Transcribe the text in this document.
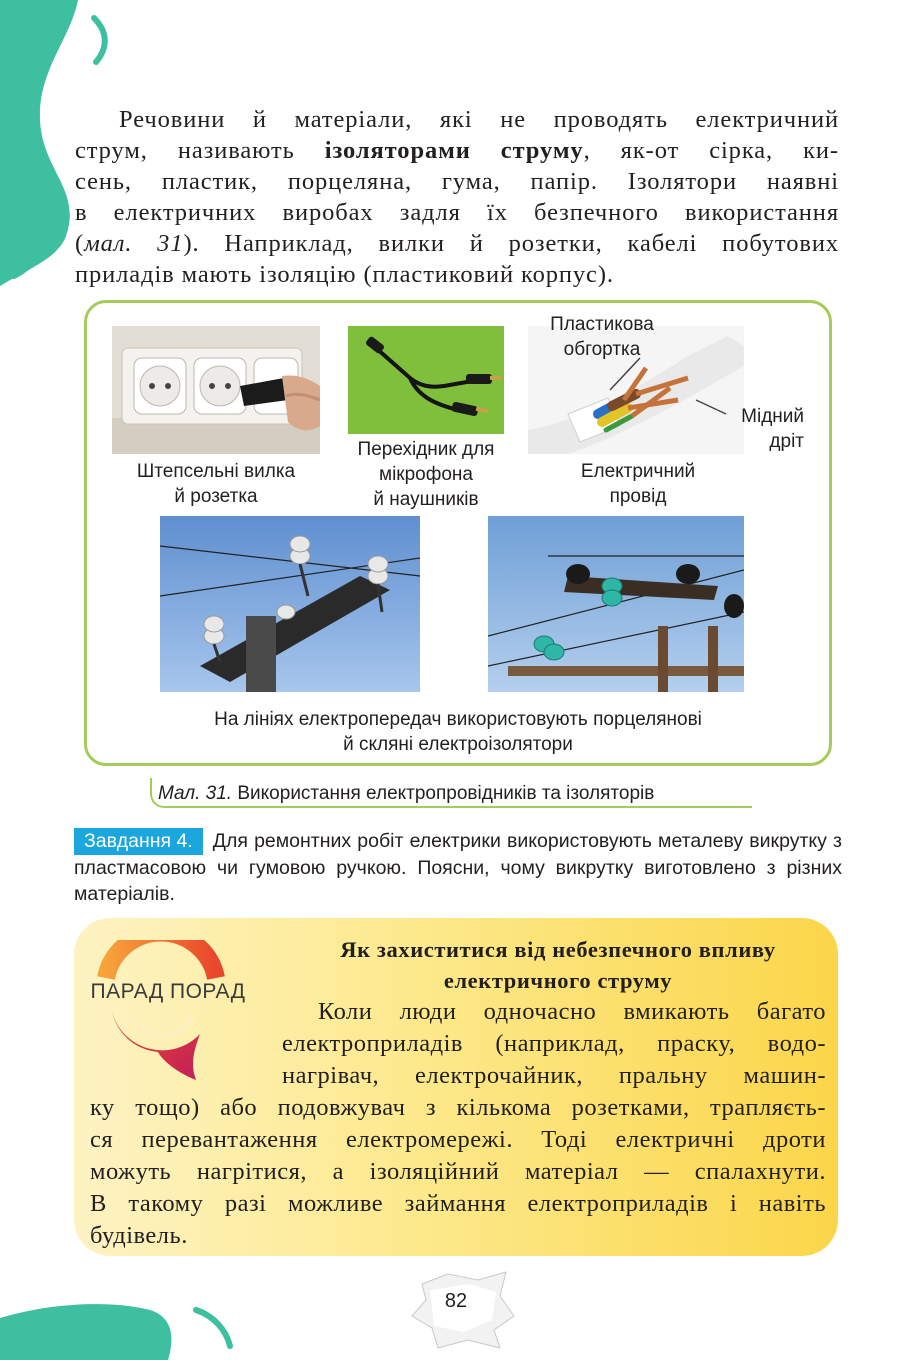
Речовини й матеріали, які не проводять електричний
струм, називають ізоляторами струму, як-от сірка, ки-
сень, пластик, порцеляна, гума, папір. Ізолятори наявні
в електричних виробах задля їх безпечного використання
(мал. 31). Наприклад, вилки й розетки, кабелі побутових
приладів мають ізоляцію (пластиковий корпус).

Пластикова
обгортка
Мідний
дріт
Штепсельні вилка
й розетка
Перехідник для
мікрофона
й наушників
Електричний
провід
На лініях електропередач використовують порцелянові
й скляні електроізолятори
Мал. 31. Використання електропровідників та ізоляторів
Завдання 4. Для ремонтних робіт електрики використовують металеву викрутку з пластмасовою чи гумовою ручкою. Поясни, чому викрутку виготовлено з різних матеріалів.
ПАРАД ПОРАД
Як захиститися від небезпечного впливу
електричного струму
Коли люди одночасно вмикають багато
електроприладів (наприклад, праску, водо-
нагрівач, електрочайник, пральну машин-
ку тощо) або подовжувач з кількома розетками, трапляєть-
ся перевантаження електромережі. Тоді електричні дроти
можуть нагрітися, а ізоляційний матеріал — спалахнути.
В такому разі можливе займання електроприладів і навіть
будівель.
82
